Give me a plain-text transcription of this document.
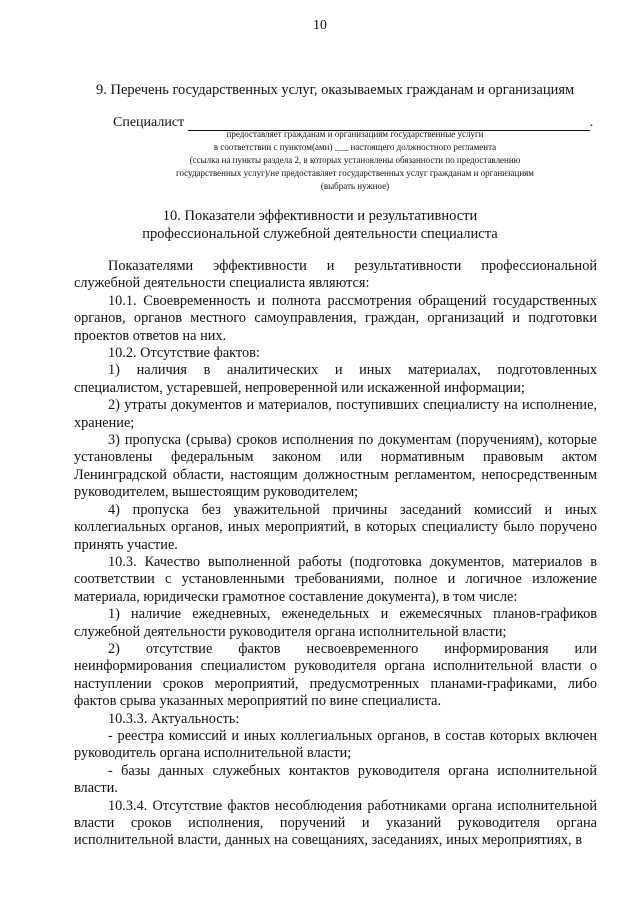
10
9. Перечень государственных услуг, оказываемых гражданам и организациям
Специалист	.
предоставляет гражданам и организациям государственные услуги
в соответствии с пунктом(ами) ___ настоящего должностного регламента
(ссылка на пункты раздела 2, в которых установлены обязанности по предоставлению
государственных услуг)/не предоставляет государственных услуг гражданам и организациям
(выбрать нужное)
10. Показатели эффективности и результативности
профессиональной служебной деятельности специалиста

Показателями эффективности и результативности профессиональной служебной деятельности специалиста являются:

10.1. Своевременность и полнота рассмотрения обращений государственных органов, органов местного самоуправления, граждан, организаций и подготовки проектов ответов на них.

10.2. Отсутствие фактов:

1) наличия в аналитических и иных материалах, подготовленных специалистом, устаревшей, непроверенной или искаженной информации;

2) утраты документов и материалов, поступивших специалисту на исполнение, хранение;

3) пропуска (срыва) сроков исполнения по документам (поручениям), которые установлены федеральным законом или нормативным правовым актом Ленинградской области, настоящим должностным регламентом, непосредственным руководителем, вышестоящим руководителем;

4) пропуска без уважительной причины заседаний комиссий и иных коллегиальных органов, иных мероприятий, в которых специалисту было поручено принять участие.

10.3. Качество выполненной работы (подготовка документов, материалов в соответствии с установленными требованиями, полное и логичное изложение материала, юридически грамотное составление документа), в том числе:

1) наличие ежедневных, еженедельных и ежемесячных планов-графиков служебной деятельности руководителя органа исполнительной власти;

2) отсутствие фактов несвоевременного информирования или неинформирования специалистом руководителя органа исполнительной власти о наступлении сроков мероприятий, предусмотренных планами-графиками, либо фактов срыва указанных мероприятий по вине специалиста.

10.3.3. Актуальность:

- реестра комиссий и иных коллегиальных органов, в состав которых включен руководитель органа исполнительной власти;

- базы данных служебных контактов руководителя органа исполнительной власти.

10.3.4. Отсутствие фактов несоблюдения работниками органа исполнительной власти сроков исполнения, поручений и указаний руководителя органа исполнительной власти, данных на совещаниях, заседаниях, иных мероприятиях, в
